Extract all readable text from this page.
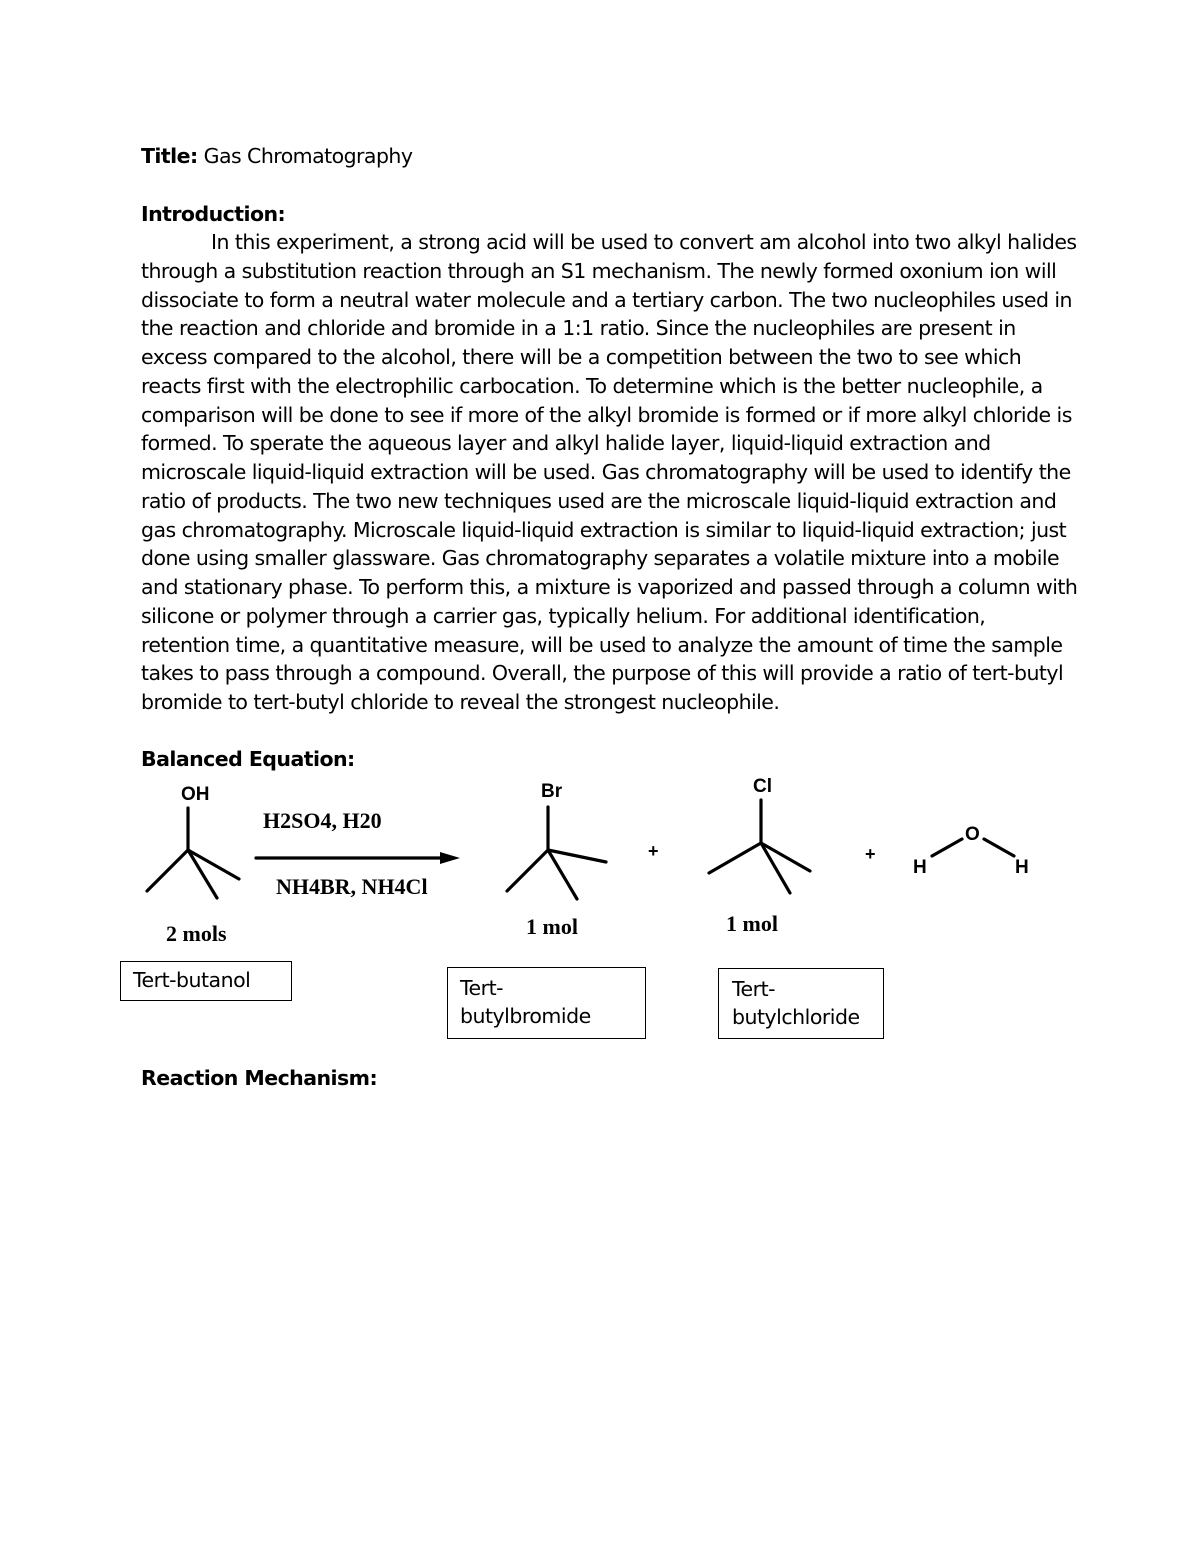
Title: Gas Chromatography
Introduction:
In this experiment, a strong acid will be used to convert am alcohol into two alkyl halides
through a substitution reaction through an S1 mechanism. The newly formed oxonium ion will
dissociate to form a neutral water molecule and a tertiary carbon. The two nucleophiles used in
the reaction and chloride and bromide in a 1:1 ratio. Since the nucleophiles are present in
excess compared to the alcohol, there will be a competition between the two to see which
reacts first with the electrophilic carbocation. To determine which is the better nucleophile, a
comparison will be done to see if more of the alkyl bromide is formed or if more alkyl chloride is
formed. To sperate the aqueous layer and alkyl halide layer, liquid-liquid extraction and
microscale liquid-liquid extraction will be used. Gas chromatography will be used to identify the
ratio of products. The two new techniques used are the microscale liquid-liquid extraction and
gas chromatography. Microscale liquid-liquid extraction is similar to liquid-liquid extraction; just
done using smaller glassware. Gas chromatography separates a volatile mixture into a mobile
and stationary phase. To perform this, a mixture is vaporized and passed through a column with
silicone or polymer through a carrier gas, typically helium. For additional identification,
retention time, a quantitative measure, will be used to analyze the amount of time the sample
takes to pass through a compound. Overall, the purpose of this will provide a ratio of tert-butyl
bromide to tert-butyl chloride to reveal the strongest nucleophile.
Balanced Equation:
OH
H2SO4, H20
NH4BR, NH4Cl
2 mols
Br
1 mol
+
Cl
1 mol
+
O
H	H
Tert-butanol	Tert-
butylbromide
Tert-
butylchloride
Reaction Mechanism:
